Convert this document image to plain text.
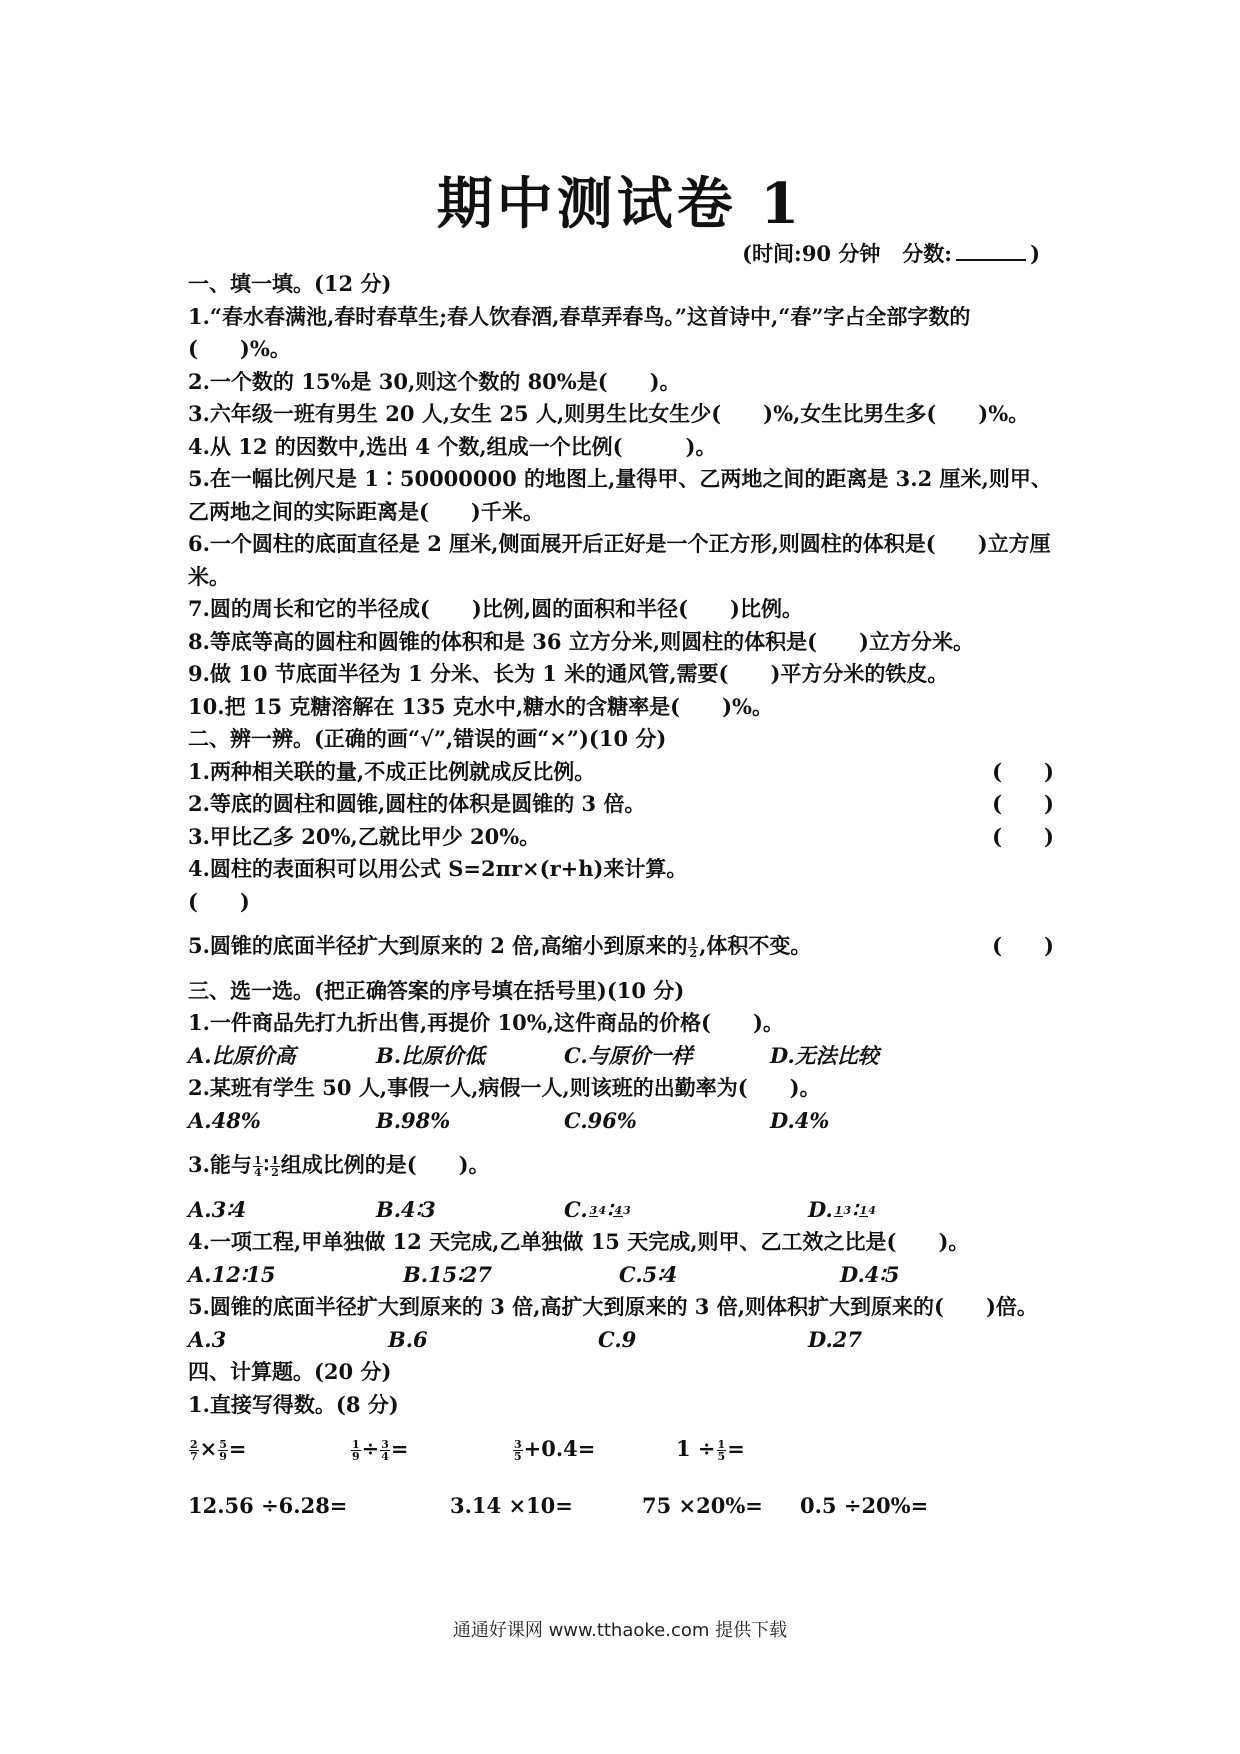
期中测试卷 1
(时间:90 分钟 分数:	)
一、填一填。(12 分)
1.“春水春满池,春时春草生;春人饮春酒,春草弄春鸟。”这首诗中,“春”字占全部字数的
(　　)%。
2.一个数的 15%是 30,则这个数的 80%是(　　)。
3.六年级一班有男生 20 人,女生 25 人,则男生比女生少(　　)%,女生比男生多(　　)%。
4.从 12 的因数中,选出 4 个数,组成一个比例(　　　)。
5.在一幅比例尺是 1∶50000000 的地图上,量得甲、乙两地之间的距离是 3.2 厘米,则甲、乙两地之间的实际距离是(　　)千米。
6.一个圆柱的底面直径是 2 厘米,侧面展开后正好是一个正方形,则圆柱的体积是(　　)立方厘米。
7.圆的周长和它的半径成(　　)比例,圆的面积和半径(　　)比例。
8.等底等高的圆柱和圆锥的体积和是 36 立方分米,则圆柱的体积是(　　)立方分米。
9.做 10 节底面半径为 1 分米、长为 1 米的通风管,需要(　　)平方分米的铁皮。
10.把 15 克糖溶解在 135 克水中,糖水的含糖率是(　　)%。
二、辨一辨。(正确的画“√”,错误的画“×”)(10 分)
1.两种相关联的量,不成正比例就成反比例。	(　　)
2.等底的圆柱和圆锥,圆柱的体积是圆锥的 3 倍。	(　　)
3.甲比乙多 20%,乙就比甲少 20%。	(　　)
4.圆柱的表面积可以用公式 S=2πr×(r+h)来计算。
(　　)
5.圆锥的底面半径扩大到原来的 2 倍,高缩小到原来的 $\frac{1}{2}$ ,体积不变。	(　　)
三、选一选。(把正确答案的序号填在括号里)(10 分)
1.一件商品先打九折出售,再提价 10%,这件商品的价格(　　)。
A.比原价高	B.比原价低	C.与原价一样	D.无法比较
2.某班有学生 50 人,事假一人,病假一人,则该班的出勤率为(　　)。
A.48%	B.98%	C.96%	D.4%
3.能与 $\frac{1}{4}$ ∶ $\frac{1}{2}$ 组成比例的是(　　)。
A.3∶4	B.4∶3	C. 34∶ 43	D. 13∶ 14
4.一项工程,甲单独做 12 天完成,乙单独做 15 天完成,则甲、乙工效之比是(　　)。
A.12∶15	B.15∶27	C.5∶4	D.4∶5
5.圆锥的底面半径扩大到原来的 3 倍,高扩大到原来的 3 倍,则体积扩大到原来的(　　)倍。
A.3	B.6	C.9	D.27
四、计算题。(20 分)
1.直接写得数。(8 分)
$\frac{2}{7} \times \frac{5}{9}$ =	$\frac{1}{9} \div \frac{3}{4}$ =	$\frac{3}{5} +0.4=$	$1 \div \frac{1}{5}$ =
12.56 ÷6.28=	3.14 ×10=	75 ×20%=	0.5 ÷20%=
通通好课网 www.tthaoke.com 提供下载
